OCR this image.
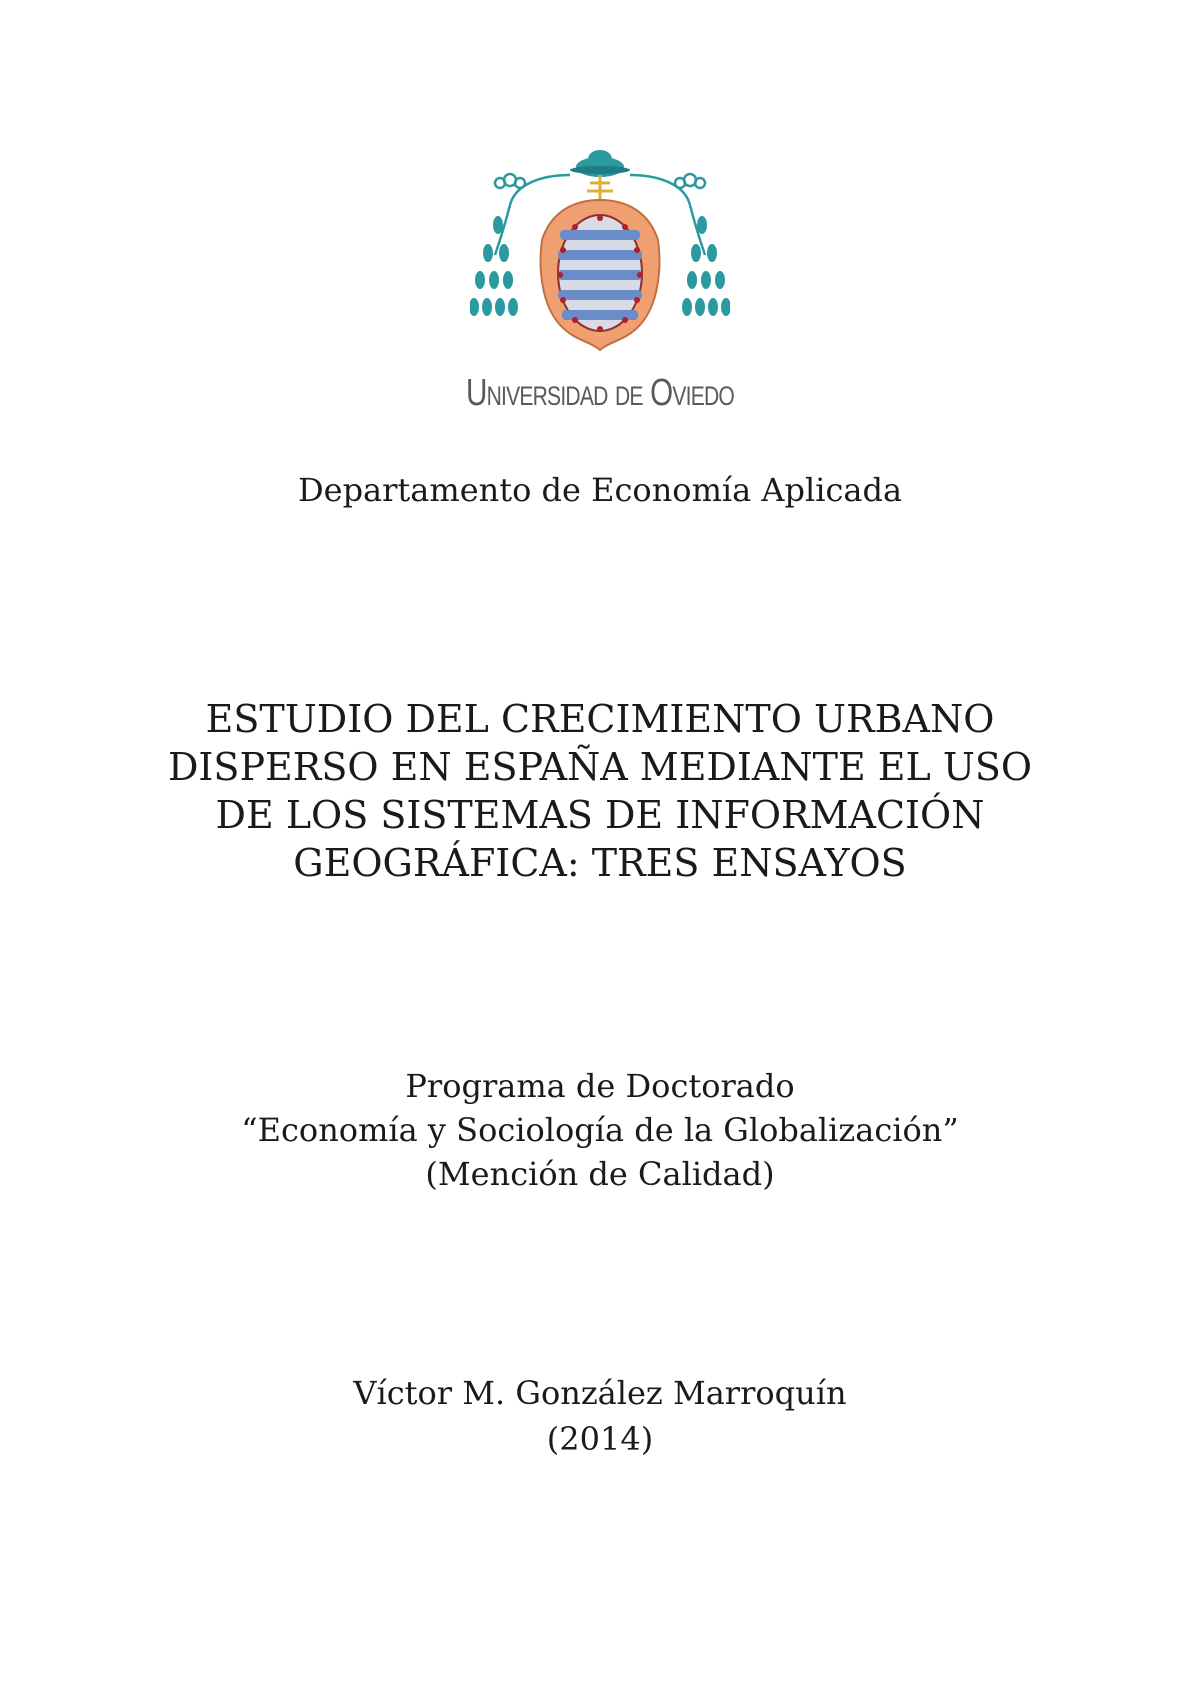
Universidad de Oviedo
Departamento de Economía Aplicada
ESTUDIO DEL CRECIMIENTO URBANO
DISPERSO EN ESPAÑA MEDIANTE EL USO
DE LOS SISTEMAS DE INFORMACIÓN
GEOGRÁFICA: TRES ENSAYOS
Programa de Doctorado
“Economía y Sociología de la Globalización”
(Mención de Calidad)
Víctor M. González Marroquín
(2014)
